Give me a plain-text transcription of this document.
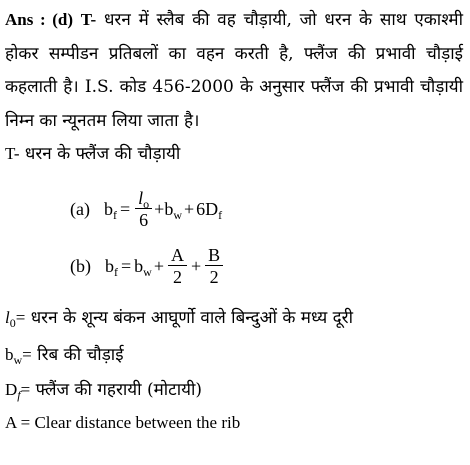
Ans : (d) T- धरन में स्लैब की वह चौड़ायी, जो धरन के साथ एकाश्मी होकर सम्पीडन प्रतिबलों का वहन करती है, फ्लैंज की प्रभावी चौड़ाई कहलाती है। I.S. कोड 456-2000 के अनुसार फ्लैंज की प्रभावी चौड़ायी निम्न का न्यूनतम लिया जाता है।
T- धरन के फ्लैंज की चौड़ायी
(a) $b_f = \frac{l_o}{6} + b_w + 6D_f$
(b) $b_f = b_w + \frac{A}{2} + \frac{B}{2}$
$l_0=$ धरन के शून्य बंकन आघूर्णो वाले बिन्दुओं के मध्य दूरी
$b_w=$ रिब की चौड़ाई
$D_f=$ फ्लैंज की गहरायी (मोटायी)
A = Clear distance between the rib
